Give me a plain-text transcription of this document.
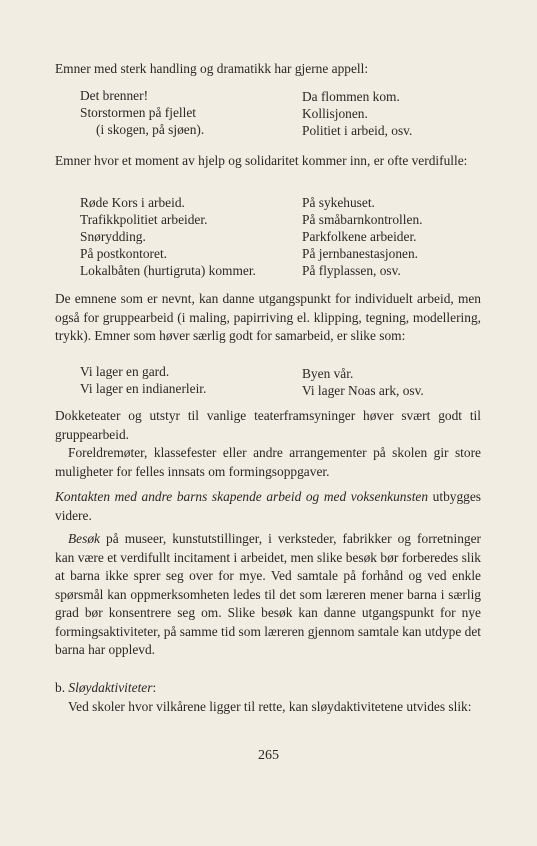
Emner med sterk handling og dramatikk har gjerne appell:

Det brenner!
Storstormen på fjellet
(i skogen, på sjøen).
Da flommen kom.
Kollisjonen.
Politiet i arbeid, osv.

Emner hvor et moment av hjelp og solidaritet kommer inn, er ofte verdifulle:

Røde Kors i arbeid.
Trafikkpolitiet arbeider.
Snørydding.
På postkontoret.
Lokalbåten (hurtigruta) kommer.
På sykehuset.
På småbarnkontrollen.
Parkfolkene arbeider.
På jernbanestasjonen.
På flyplassen, osv.

De emnene som er nevnt, kan danne utgangspunkt for individuelt arbeid, men også for gruppearbeid (i maling, papirriving el. klipping, tegning, modellering, trykk). Emner som høver særlig godt for samarbeid, er slike som:

Vi lager en gard.
Vi lager en indianerleir.
Byen vår.
Vi lager Noas ark, osv.

Dokketeater og utstyr til vanlige teaterframsyninger høver svært godt til gruppearbeid.

Foreldremøter, klassefester eller andre arrangementer på skolen gir store muligheter for felles innsats om formingsoppgaver.

Kontakten med andre barns skapende arbeid og med voksenkunsten utbygges videre.

Besøk på museer, kunstutstillinger, i verksteder, fabrikker og forretninger kan være et verdifullt incitament i arbeidet, men slike besøk bør forberedes slik at barna ikke sprer seg over for mye. Ved samtale på forhånd og ved enkle spørsmål kan oppmerksomheten ledes til det som læreren mener barna i særlig grad bør konsentrere seg om. Slike besøk kan danne utgangspunkt for nye formingsaktiviteter, på samme tid som læreren gjennom samtale kan utdype det barna har opplevd.

b. Sløydaktiviteter:

Ved skoler hvor vilkårene ligger til rette, kan sløydaktivitetene utvides slik:

265
